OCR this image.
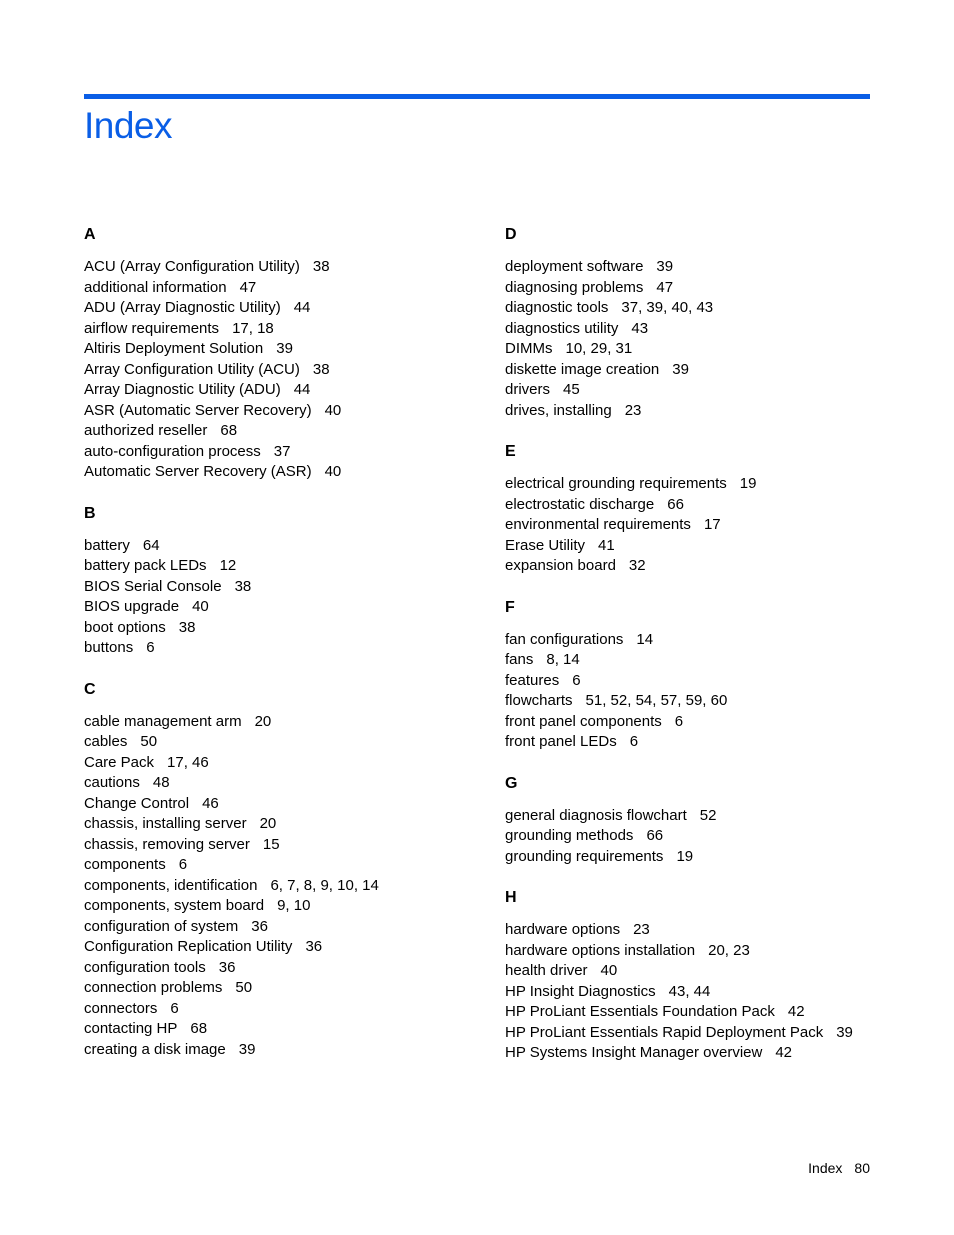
Index
A
ACU (Array Configuration Utility) 38
additional information 47
ADU (Array Diagnostic Utility) 44
airflow requirements 17, 18
Altiris Deployment Solution 39
Array Configuration Utility (ACU) 38
Array Diagnostic Utility (ADU) 44
ASR (Automatic Server Recovery) 40
authorized reseller 68
auto-configuration process 37
Automatic Server Recovery (ASR) 40
B
battery 64
battery pack LEDs 12
BIOS Serial Console 38
BIOS upgrade 40
boot options 38
buttons 6
C
cable management arm 20
cables 50
Care Pack 17, 46
cautions 48
Change Control 46
chassis, installing server 20
chassis, removing server 15
components 6
components, identification 6, 7, 8, 9, 10, 14
components, system board 9, 10
configuration of system 36
Configuration Replication Utility 36
configuration tools 36
connection problems 50
connectors 6
contacting HP 68
creating a disk image 39
D
deployment software 39
diagnosing problems 47
diagnostic tools 37, 39, 40, 43
diagnostics utility 43
DIMMs 10, 29, 31
diskette image creation 39
drivers 45
drives, installing 23
E
electrical grounding requirements 19
electrostatic discharge 66
environmental requirements 17
Erase Utility 41
expansion board 32
F
fan configurations 14
fans 8, 14
features 6
flowcharts 51, 52, 54, 57, 59, 60
front panel components 6
front panel LEDs 6
G
general diagnosis flowchart 52
grounding methods 66
grounding requirements 19
H
hardware options 23
hardware options installation 20, 23
health driver 40
HP Insight Diagnostics 43, 44
HP ProLiant Essentials Foundation Pack 42
HP ProLiant Essentials Rapid Deployment Pack 39
HP Systems Insight Manager overview 42
Index 80
